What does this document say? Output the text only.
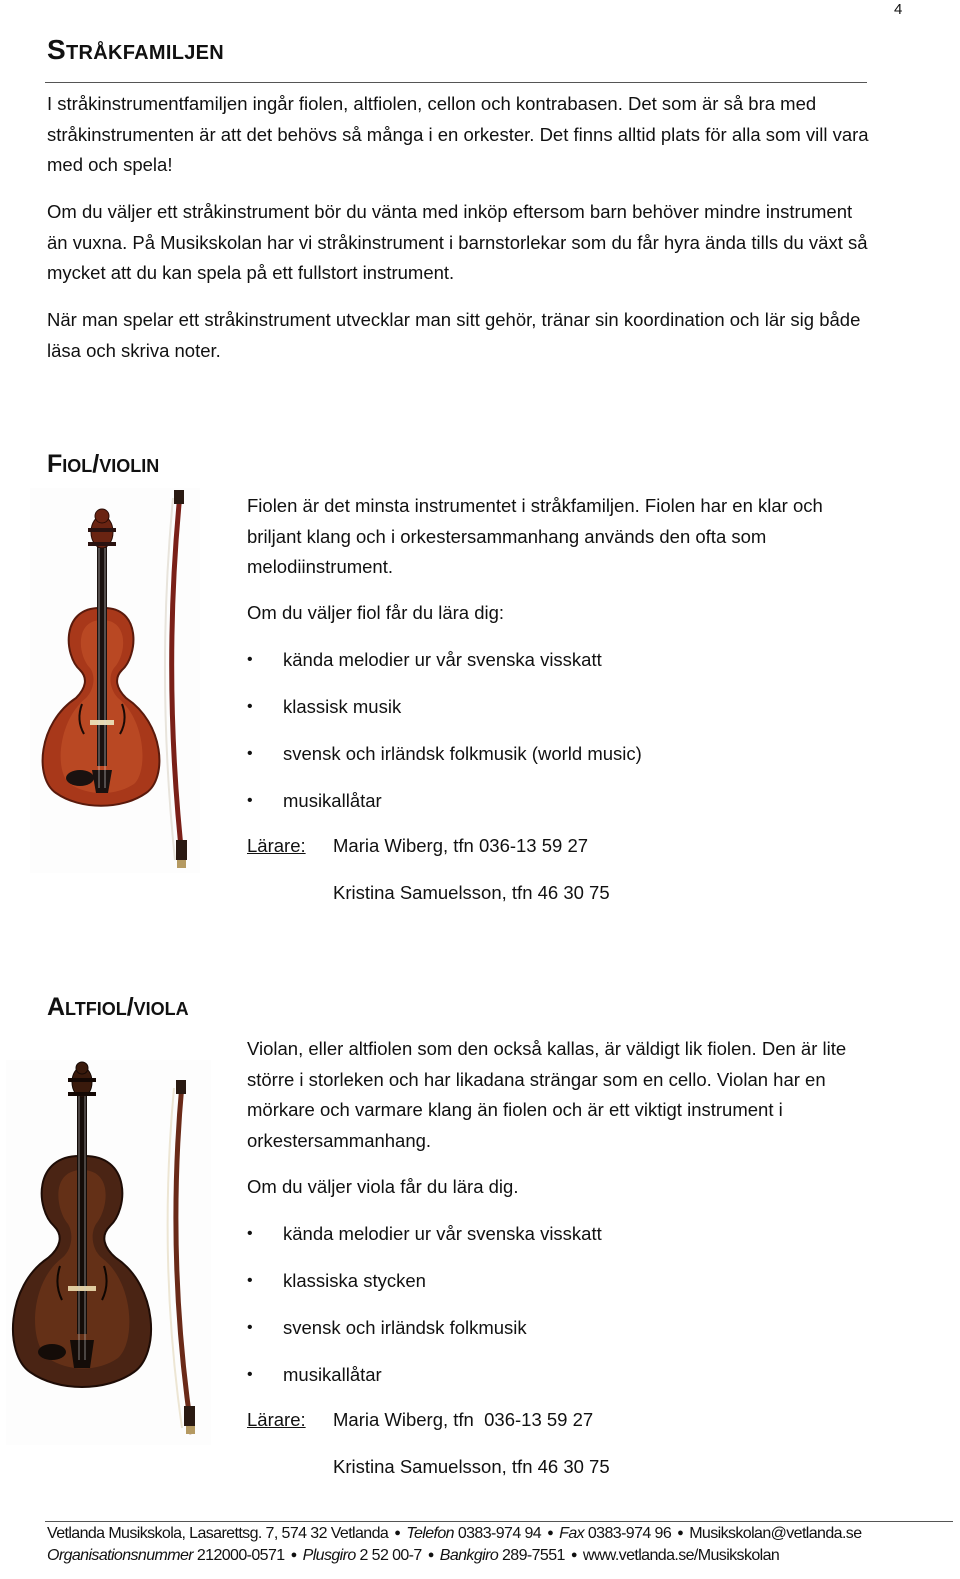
4
Stråkfamiljen
I stråkinstrumentfamiljen ingår fiolen, altfiolen, cellon och kontrabasen. Det som är så bra med stråkinstrumenten är att det behövs så många i en orkester. Det finns alltid plats för alla som vill vara med och spela!
Om du väljer ett stråkinstrument bör du vänta med inköp eftersom barn behöver mindre instrument än vuxna. På Musikskolan har vi stråkinstrument i barnstorlekar som du får hyra ända tills du växt så mycket att du kan spela på ett fullstort instrument.
När man spelar ett stråkinstrument utvecklar man sitt gehör, tränar sin koordination och lär sig både läsa och skriva noter.
Fiol/violin
Fiolen är det minsta instrumentet i stråkfamiljen. Fiolen har en klar och briljant klang och i orkestersammanhang används den ofta som melodiinstrument.
Om du väljer fiol får du lära dig:
• kända melodier ur vår svenska visskatt
• klassisk musik
• svensk och irländsk folkmusik (world music)
• musikallåtar
Lärare: Maria Wiberg, tfn 036-13 59 27
Kristina Samuelsson, tfn 46 30 75
Altfiol/viola
Violan, eller altfiolen som den också kallas, är väldigt lik fiolen. Den är lite större i storleken och har likadana strängar som en cello. Violan har en mörkare och varmare klang än fiolen och är ett viktigt instrument i orkestersammanhang.
Om du väljer viola får du lära dig.
• kända melodier ur vår svenska visskatt
• klassiska stycken
• svensk och irländsk folkmusik
• musikallåtar
Lärare: Maria Wiberg, tfn  036-13 59 27
Kristina Samuelsson, tfn 46 30 75
Vetlanda Musikskola, Lasarettsg. 7, 574 32 Vetlanda ● Telefon 0383-974 94 ● Fax 0383-974 96 ● Musikskolan@vetlanda.se
Organisationsnummer 212000-0571 ● Plusgiro 2 52 00-7 ● Bankgiro 289-7551 ● www.vetlanda.se/Musikskolan
